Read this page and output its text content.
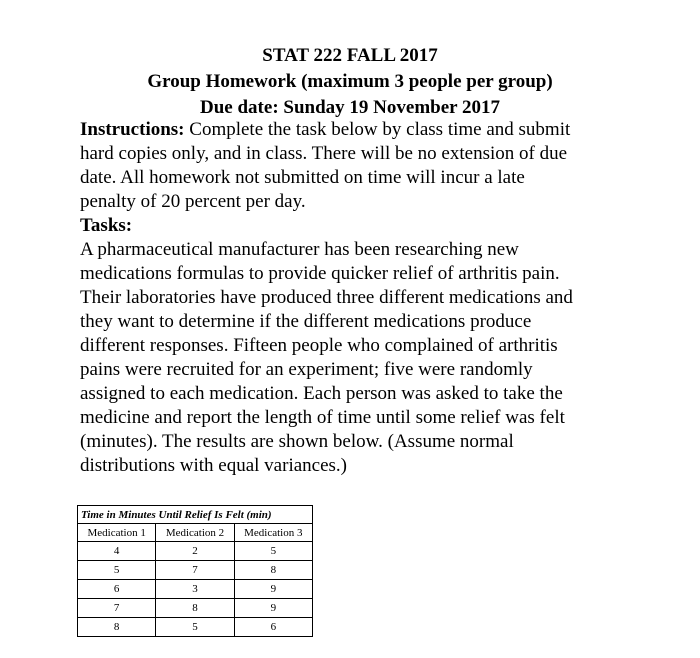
STAT 222 FALL 2017
Group Homework (maximum 3 people per group)
Due date: Sunday 19 November 2017
Instructions: Complete the task below by class time and submit
hard copies only, and in class. There will be no extension of due
date. All homework not submitted on time will incur a late
penalty of 20 percent per day.
Tasks:
A pharmaceutical manufacturer has been researching new
medications formulas to provide quicker relief of arthritis pain.
Their laboratories have produced three different medications and
they want to determine if the different medications produce
different responses. Fifteen people who complained of arthritis
pains were recruited for an experiment; five were randomly
assigned to each medication. Each person was asked to take the
medicine and report the length of time until some relief was felt
(minutes). The results are shown below. (Assume normal
distributions with equal variances.)
Time in Minutes Until Relief Is Felt (min)		
Medication 1	Medication 2	Medication 3
4	2	5
5	7	8
6	3	9
7	8	9
8	5	6
